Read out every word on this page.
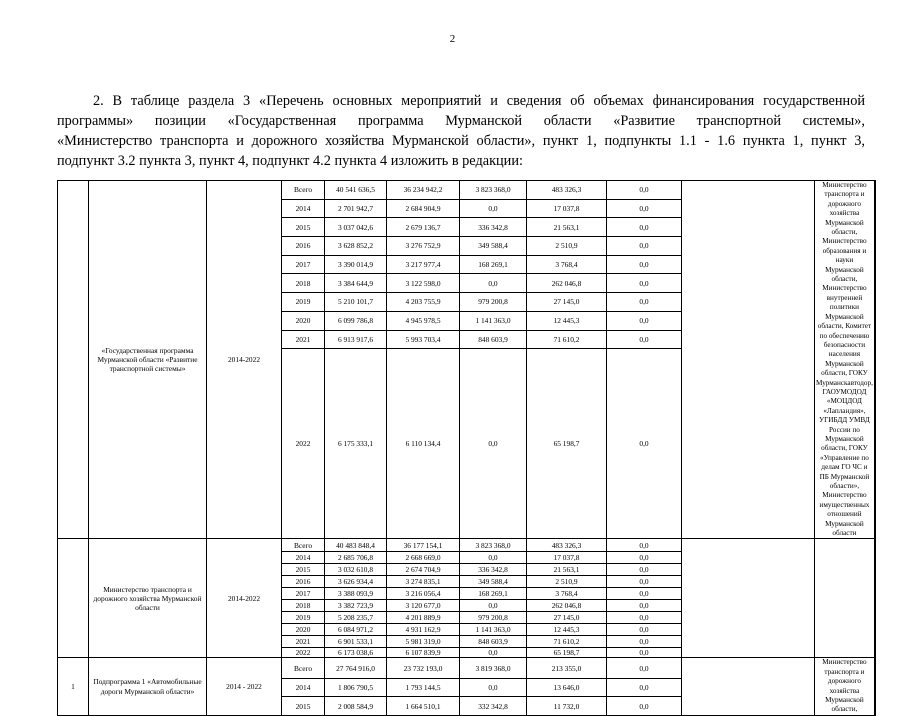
2
2. В таблице раздела 3 «Перечень основных мероприятий и сведения об объемах финансирования государственной
программы» позиции «Государственная программа Мурманской области «Развитие транспортной системы»,
«Министерство транспорта и дорожного хозяйства Мурманской области», пункт 1, подпункты 1.1 - 1.6 пункта 1, пункт 3,
подпункт 3.2 пункта 3, пункт 4, подпункт 4.2 пункта 4 изложить в редакции:
	«Государственная программа Мурманской области «Развитие транспортной системы»	2014-2022	Всего	40 541 636,5	36 234 942,2	3 823 368,0	483 326,3	0,0		Министерство транспорта и дорожного хозяйства Мурманской области, Министерство образования и науки Мурманской области, Министерство внутренней политики Мурманской области, Комитет по обеспечению безопасности населения Мурманской области, ГОКУ Мурманскавтодор, ГАОУМОДОД «МОЦДОД «Лапландия», УГИБДД УМВД России по Мурманской области, ГОКУ «Управление по делам ГО ЧС и ПБ Мурманской области», Министерство имущественных отношений Мурманской области	
			2014	2 701 942,7	2 684 904,9	0,0	17 037,8	0,0			
			2015	3 037 042,6	2 679 136,7	336 342,8	21 563,1	0,0			
			2016	3 628 852,2	3 276 752,9	349 588,4	2 510,9	0,0			
			2017	3 390 014,9	3 217 977,4	168 269,1	3 768,4	0,0			
			2018	3 384 644,9	3 122 598,0	0,0	262 046,8	0,0			
			2019	5 210 101,7	4 203 755,9	979 200,8	27 145,0	0,0			
			2020	6 099 786,8	4 945 978,5	1 141 363,0	12 445,3	0,0			
			2021	6 913 917,6	5 993 703,4	848 603,9	71 610,2	0,0			
			2022	6 175 333,1	6 110 134,4	0,0	65 198,7	0,0			
	Министерство транспорта и дорожного хозяйства Мурманской области	2014-2022	Всего	40 483 848,4	36 177 154,1	3 823 368,0	483 326,3	0,0			
			2014	2 685 706,8	2 668 669,0	0,0	17 037,8	0,0			
			2015	3 032 610,8	2 674 704,9	336 342,8	21 563,1	0,0			
			2016	3 626 934,4	3 274 835,1	349 588,4	2 510,9	0,0			
			2017	3 388 093,9	3 216 056,4	168 269,1	3 768,4	0,0			
			2018	3 382 723,9	3 120 677,0	0,0	262 046,8	0,0			
			2019	5 208 235,7	4 201 889,9	979 200,8	27 145,0	0,0			
			2020	6 084 971,2	4 931 162,9	1 141 363,0	12 445,3	0,0			
			2021	6 901 533,1	5 981 319,0	848 603,9	71 610,2	0,0			
			2022	6 173 038,6	6 107 839,9	0,0	65 198,7	0,0			
1	Подпрограмма 1 «Автомобильные дороги Мурманской области»	2014 - 2022	Всего	27 764 916,0	23 732 193,0	3 819 368,0	213 355,0	0,0		Министерство транспорта и дорожного хозяйства Мурманской области,	
			2014	1 806 790,5	1 793 144,5	0,0	13 646,0	0,0			
			2015	2 008 584,9	1 664 510,1	332 342,8	11 732,0	0,0			
